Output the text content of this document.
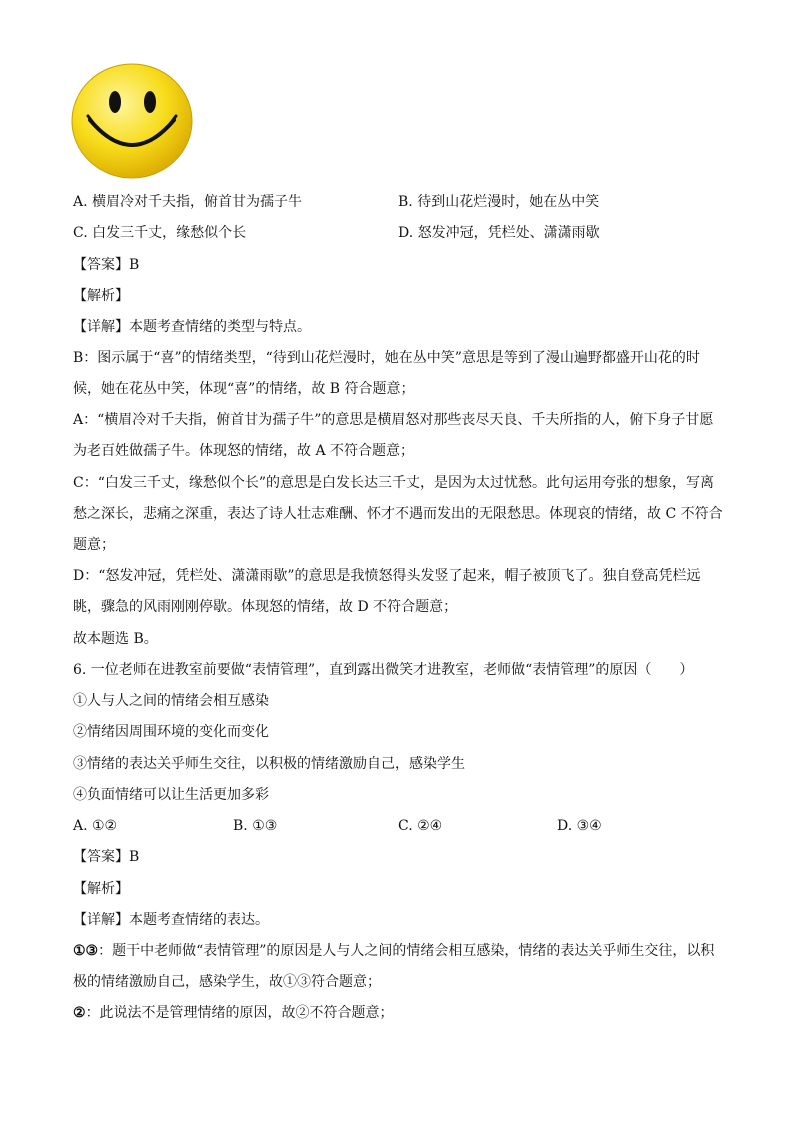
A. 横眉冷对千夫指，俯首甘为孺子牛	B. 待到山花烂漫时，她在丛中笑
C. 白发三千丈，缘愁似个长	D. 怒发冲冠，凭栏处、潇潇雨歇
【答案】B
【解析】
【详解】本题考查情绪的类型与特点。
B：图示属于“喜”的情绪类型，“待到山花烂漫时，她在丛中笑”意思是等到了漫山遍野都盛开山花的时
候，她在花丛中笑，体现“喜”的情绪，故 B 符合题意；
A：“横眉冷对千夫指，俯首甘为孺子牛”的意思是横眉怒对那些丧尽天良、千夫所指的人，俯下身子甘愿
为老百姓做孺子牛。体现怒的情绪，故 A 不符合题意；
C：“白发三千丈，缘愁似个长”的意思是白发长达三千丈，是因为太过忧愁。此句运用夸张的想象，写离
愁之深长，悲痛之深重，表达了诗人壮志难酬、怀才不遇而发出的无限愁思。体现哀的情绪，故 C 不符合
题意；
D：“怒发冲冠，凭栏处、潇潇雨歇”的意思是我愤怒得头发竖了起来，帽子被顶飞了。独自登高凭栏远
眺，骤急的风雨刚刚停歇。体现怒的情绪，故 D 不符合题意；
故本题选 B。
6. 一位老师在进教室前要做“表情管理”，直到露出微笑才进教室，老师做“表情管理”的原因（　　）
①人与人之间的情绪会相互感染
②情绪因周围环境的变化而变化
③情绪的表达关乎师生交往，以积极的情绪激励自己，感染学生
④负面情绪可以让生活更加多彩
A. ①②	B. ①③	C. ②④	D. ③④
【答案】B
【解析】
【详解】本题考查情绪的表达。
①③：题干中老师做“表情管理”的原因是人与人之间的情绪会相互感染，情绪的表达关乎师生交往，以积
极的情绪激励自己，感染学生，故①③符合题意；
②：此说法不是管理情绪的原因，故②不符合题意；
